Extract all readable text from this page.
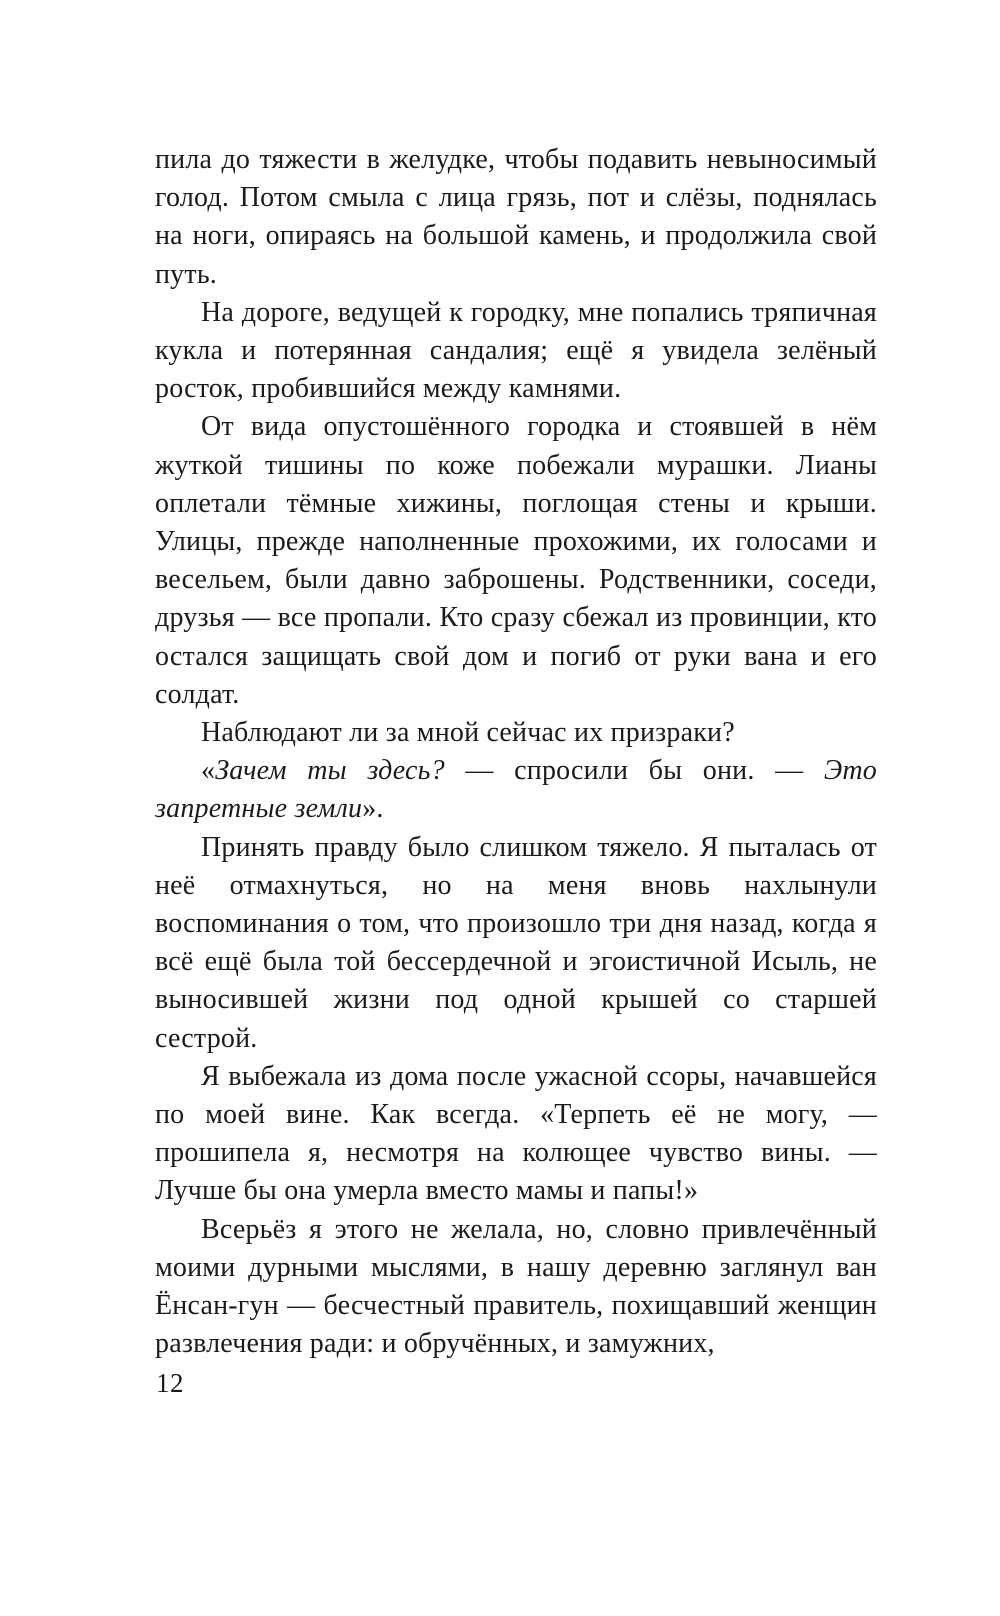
пила до тяжести в желудке, чтобы подавить невыносимый голод. Потом смыла с лица грязь, пот и слёзы, поднялась на ноги, опираясь на большой камень, и продолжила свой путь.

На дороге, ведущей к городку, мне попались тряпичная кукла и потерянная сандалия; ещё я увидела зелёный росток, пробившийся между камнями.

От вида опустошённого городка и стоявшей в нём жуткой тишины по коже побежали мурашки. Лианы оплетали тёмные хижины, поглощая стены и крыши. Улицы, прежде наполненные прохожими, их голосами и весельем, были давно заброшены. Родственники, соседи, друзья — все пропали. Кто сразу сбежал из провинции, кто остался защищать свой дом и погиб от руки вана и его солдат.

Наблюдают ли за мной сейчас их призраки?

«Зачем ты здесь? — спросили бы они. — Это запретные земли».

Принять правду было слишком тяжело. Я пыталась от неё отмахнуться, но на меня вновь нахлынули воспоминания о том, что произошло три дня назад, когда я всё ещё была той бессердечной и эгоистичной Исыль, не выносившей жизни под одной крышей со старшей сестрой.

Я выбежала из дома после ужасной ссоры, начавшейся по моей вине. Как всегда. «Терпеть её не могу, — прошипела я, несмотря на колющее чувство вины. — Лучше бы она умерла вместо мамы и папы!»

Всерьёз я этого не желала, но, словно привлечённый моими дурными мыслями, в нашу деревню заглянул ван Ёнсан-гун — бесчестный правитель, похищавший женщин развлечения ради: и обручённых, и замужних,

12
